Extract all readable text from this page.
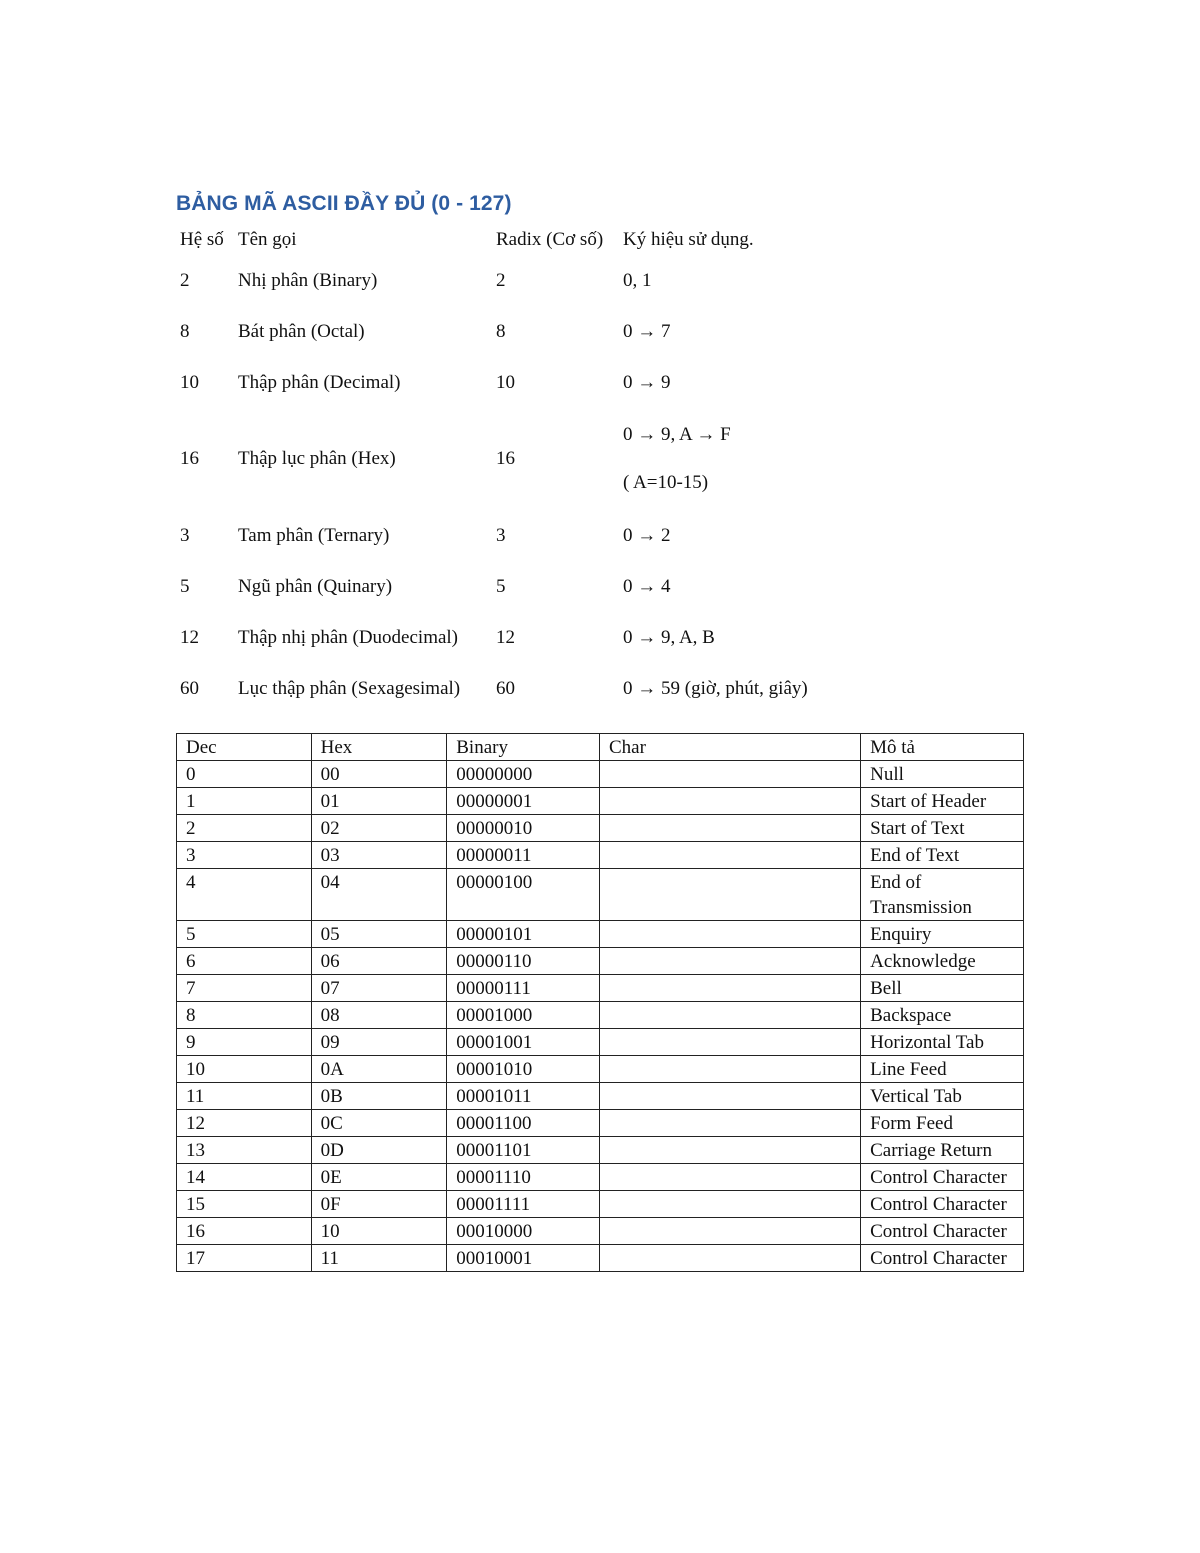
BẢNG MÃ ASCII ĐẦY ĐỦ (0 - 127)
Hệ số	Tên gọi	Radix (Cơ số)	Ký hiệu sử dụng.
2	Nhị phân (Binary)	2	0, 1

8	Bát phân (Octal)	8	0 → 7

10	Thập phân (Decimal)	10	0 → 9

16	Thập lục phân (Hex)	16	0 → 9, A → F
( A=10-15)

3	Tam phân (Ternary)	3	0 → 2

5	Ngũ phân (Quinary)	5	0 → 4

12	Thập nhị phân (Duodecimal)	12	0 → 9, A, B

60	Lục thập phân (Sexagesimal)	60	0 → 59 (giờ, phút, giây)
Dec	Hex	Binary	Char	Mô tả
0	00	00000000		Null
1	01	00000001		Start of Header
2	02	00000010		Start of Text
3	03	00000011		End of Text
4	04	00000100		End of Transmission
5	05	00000101		Enquiry
6	06	00000110		Acknowledge
7	07	00000111		Bell
8	08	00001000		Backspace
9	09	00001001		Horizontal Tab
10	0A	00001010		Line Feed
11	0B	00001011		Vertical Tab
12	0C	00001100		Form Feed
13	0D	00001101		Carriage Return
14	0E	00001110		Control Character
15	0F	00001111		Control Character
16	10	00010000		Control Character
17	11	00010001		Control Character
